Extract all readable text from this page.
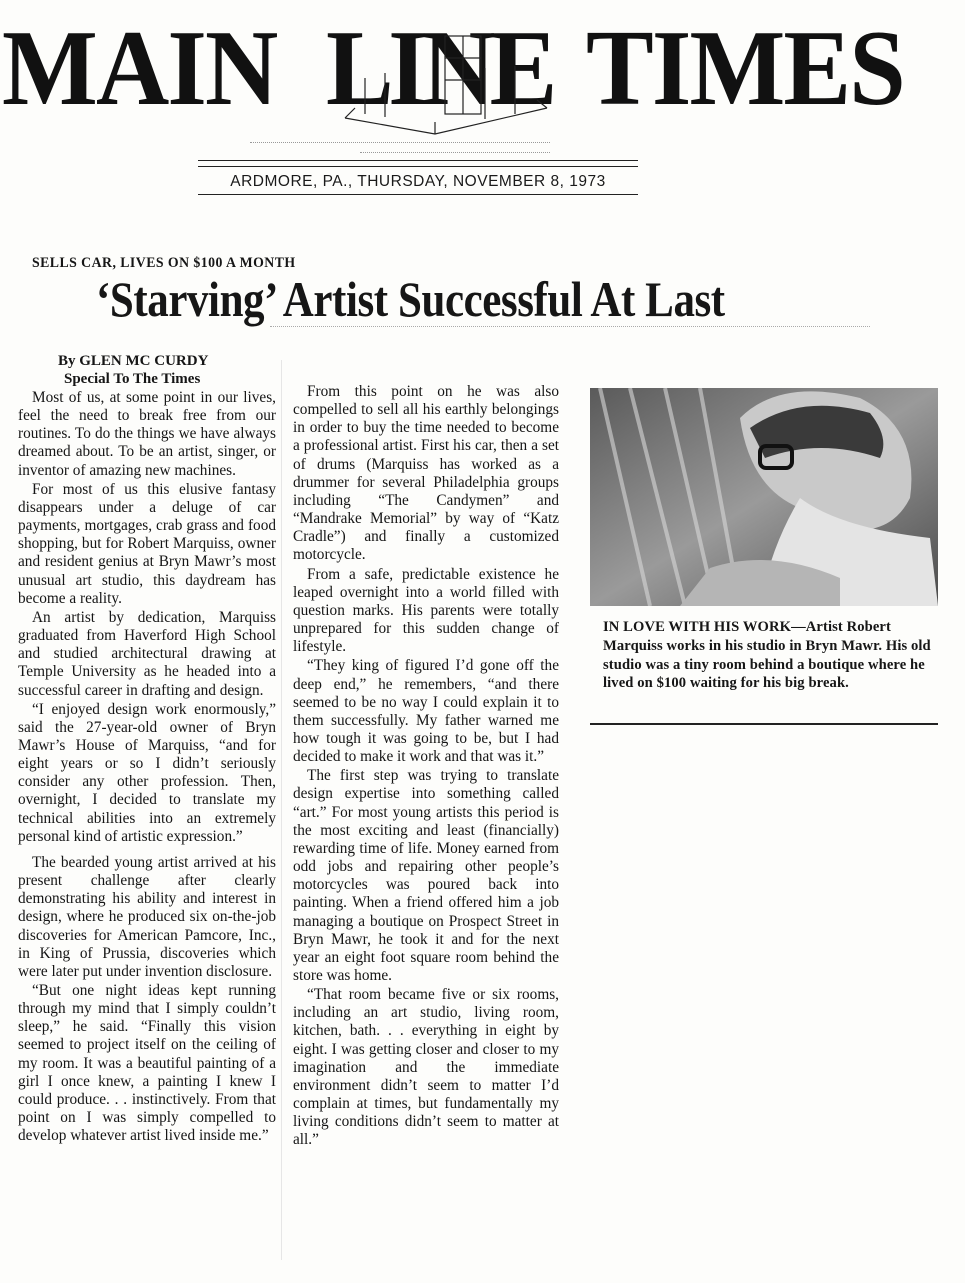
MAIN LINE TIMES
ARDMORE, PA., THURSDAY, NOVEMBER 8, 1973
SELLS CAR, LIVES ON $100 A MONTH
‘Starving’ Artist Successful At Last
By GLEN MC CURDY
Special To The Times

Most of us, at some point in our lives, feel the need to break free from our routines. To do the things we have always dreamed about. To be an artist, singer, or inventor of amazing new machines.

For most of us this elusive fantasy disappears under a deluge of car payments, mortgages, crab grass and food shopping, but for Robert Marquiss, owner and resident genius at Bryn Mawr’s most unusual art studio, this daydream has become a reality.

An artist by dedication, Marquiss graduated from Haverford High School and studied architectural drawing at Temple University as he headed into a successful career in drafting and design.

“I enjoyed design work enormously,” said the 27-year-old owner of Bryn Mawr’s House of Marquiss, “and for eight years or so I didn’t seriously consider any other profession. Then, overnight, I decided to translate my technical abilities into an extremely personal kind of artistic expression.”

The bearded young artist arrived at his present challenge after clearly demonstrating his ability and interest in design, where he produced six on-the-job discoveries for American Pamcore, Inc., in King of Prussia, discoveries which were later put under invention disclosure.

“But one night ideas kept running through my mind that I simply couldn’t sleep,” he said. “Finally this vision seemed to project itself on the ceiling of my room. It was a beautiful painting of a girl I once knew, a painting I knew I could produce. . . instinctively. From that point on I was simply compelled to develop whatever artist lived inside me.”

From this point on he was also compelled to sell all his earthly belongings in order to buy the time needed to become a professional artist. First his car, then a set of drums (Marquiss has worked as a drummer for several Philadelphia groups including “The Candymen” and “Mandrake Memorial” by way of “Katz Cradle”) and finally a customized motorcycle.

From a safe, predictable existence he leaped overnight into a world filled with question marks. His parents were totally unprepared for this sudden change of lifestyle.

“They king of figured I’d gone off the deep end,” he remembers, “and there seemed to be no way I could explain it to them successfully. My father warned me how tough it was going to be, but I had decided to make it work and that was it.”

The first step was trying to translate design expertise into something called “art.” For most young artists this period is the most exciting and least (financially) rewarding time of life. Money earned from odd jobs and repairing other people’s motorcycles was poured back into painting. When a friend offered him a job managing a boutique on Prospect Street in Bryn Mawr, he took it and for the next year an eight foot square room behind the store was home.

“That room became five or six rooms, including an art studio, living room, kitchen, bath. . . everything in eight by eight. I was getting closer and closer to my imagination and the immediate environment didn’t seem to matter I’d complain at times, but fundamentally my living conditions didn’t seem to matter at all.”

IN LOVE WITH HIS WORK—Artist Robert Marquiss works in his studio in Bryn Mawr. His old studio was a tiny room behind a boutique where he lived on $100 waiting for his big break.
